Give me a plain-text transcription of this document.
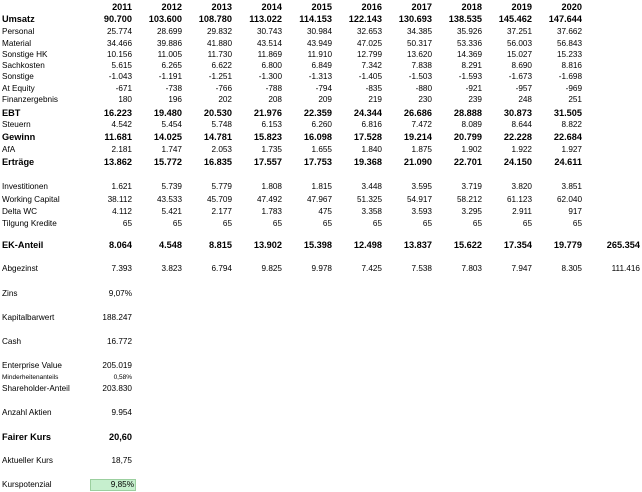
2011	2012	2013	2014	2015	2016	2017	2018	2019	2020
Umsatz	90.700	103.600	108.780	113.022	114.153	122.143	130.693	138.535	145.462	147.644
Personal	25.774	28.699	29.832	30.743	30.984	32.653	34.385	35.926	37.251	37.662
Material	34.466	39.886	41.880	43.514	43.949	47.025	50.317	53.336	56.003	56.843
Sonstige HK	10.156	11.005	11.730	11.869	11.910	12.799	13.620	14.369	15.027	15.233
Sachkosten	5.615	6.265	6.622	6.800	6.849	7.342	7.838	8.291	8.690	8.816
Sonstige	-1.043	-1.191	-1.251	-1.300	-1.313	-1.405	-1.503	-1.593	-1.673	-1.698
At Equity	-671	-738	-766	-788	-794	-835	-880	-921	-957	-969
Finanzergebnis	180	196	202	208	209	219	230	239	248	251
EBT	16.223	19.480	20.530	21.976	22.359	24.344	26.686	28.888	30.873	31.505
Steuern	4.542	5.454	5.748	6.153	6.260	6.816	7.472	8.089	8.644	8.822
Gewinn	11.681	14.025	14.781	15.823	16.098	17.528	19.214	20.799	22.228	22.684
AfA	2.181	1.747	2.053	1.735	1.655	1.840	1.875	1.902	1.922	1.927
Erträge	13.862	15.772	16.835	17.557	17.753	19.368	21.090	22.701	24.150	24.611
Investitionen	1.621	5.739	5.779	1.808	1.815	3.448	3.595	3.719	3.820	3.851
Working Capital	38.112	43.533	45.709	47.492	47.967	51.325	54.917	58.212	61.123	62.040
Delta WC	4.112	5.421	2.177	1.783	475	3.358	3.593	3.295	2.911	917
Tilgung Kredite	65	65	65	65	65	65	65	65	65	65
EK-Anteil	8.064	4.548	8.815	13.902	15.398	12.498	13.837	15.622	17.354	19.779	265.354
Abgezinst	7.393	3.823	6.794	9.825	9.978	7.425	7.538	7.803	7.947	8.305	111.416
Zins	9,07%
Kapitalbarwert	188.247
Cash	16.772
Enterprise Value	205.019
Minderheitenanteils	0,58%
Shareholder-Anteil	203.830
Anzahl Aktien	9.954
Fairer Kurs	20,60
Aktueller Kurs	18,75
Kurspotenzial	9,85%
